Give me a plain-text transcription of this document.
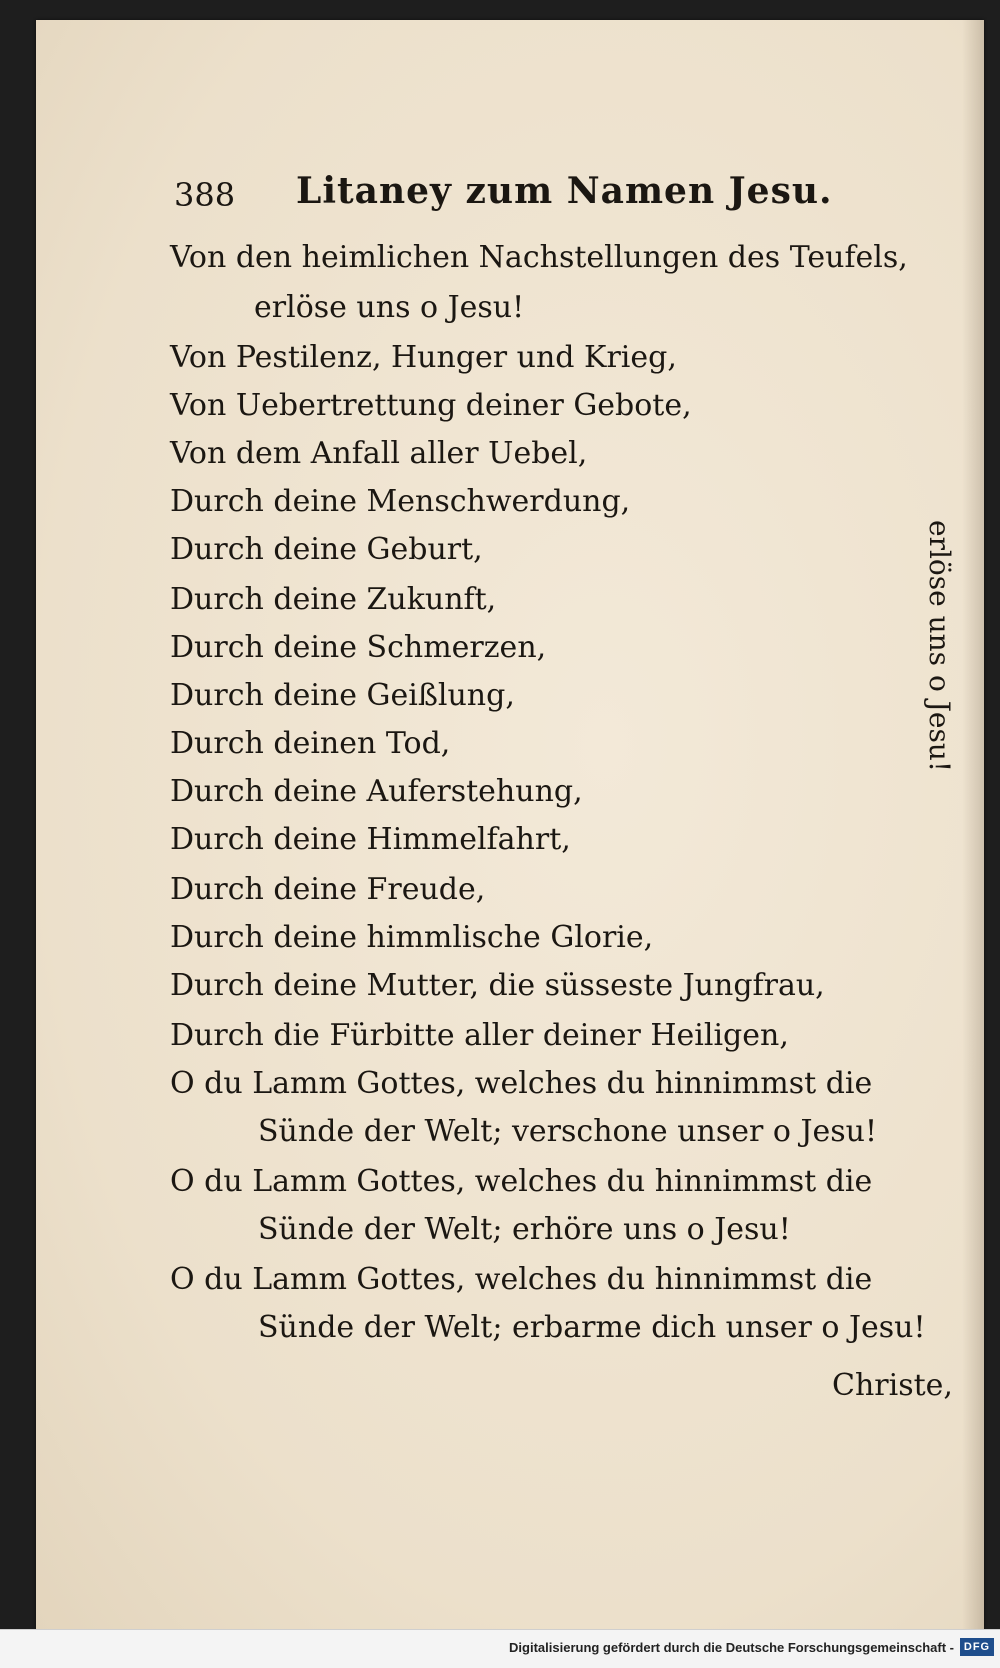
388 Litaney zum Namen Jesu.
Von den heimlichen Nachstellungen des Teufels,
erlöse uns o Jesu!
Von Pestilenz, Hunger und Krieg,
Von Uebertrettung deiner Gebote,
Von dem Anfall aller Uebel,
Durch deine Menschwerdung,
Durch deine Geburt,
Durch deine Zukunft,
Durch deine Schmerzen,
Durch deine Geißlung,
Durch deinen Tod,
Durch deine Auferstehung,
Durch deine Himmelfahrt,
Durch deine Freude,
Durch deine himmlische Glorie,
Durch deine Mutter, die süsseste Jungfrau,
Durch die Fürbitte aller deiner Heiligen,
O du Lamm Gottes, welches du hinnimmst die
Sünde der Welt; verschone unser o Jesu!
O du Lamm Gottes, welches du hinnimmst die
Sünde der Welt; erhöre uns o Jesu!
O du Lamm Gottes, welches du hinnimmst die
Sünde der Welt; erbarme dich unser o Jesu!
erlöse uns o Jesu!
Christe,
Digitalisierung gefördert durch die Deutsche Forschungsgemeinschaft - DFG
